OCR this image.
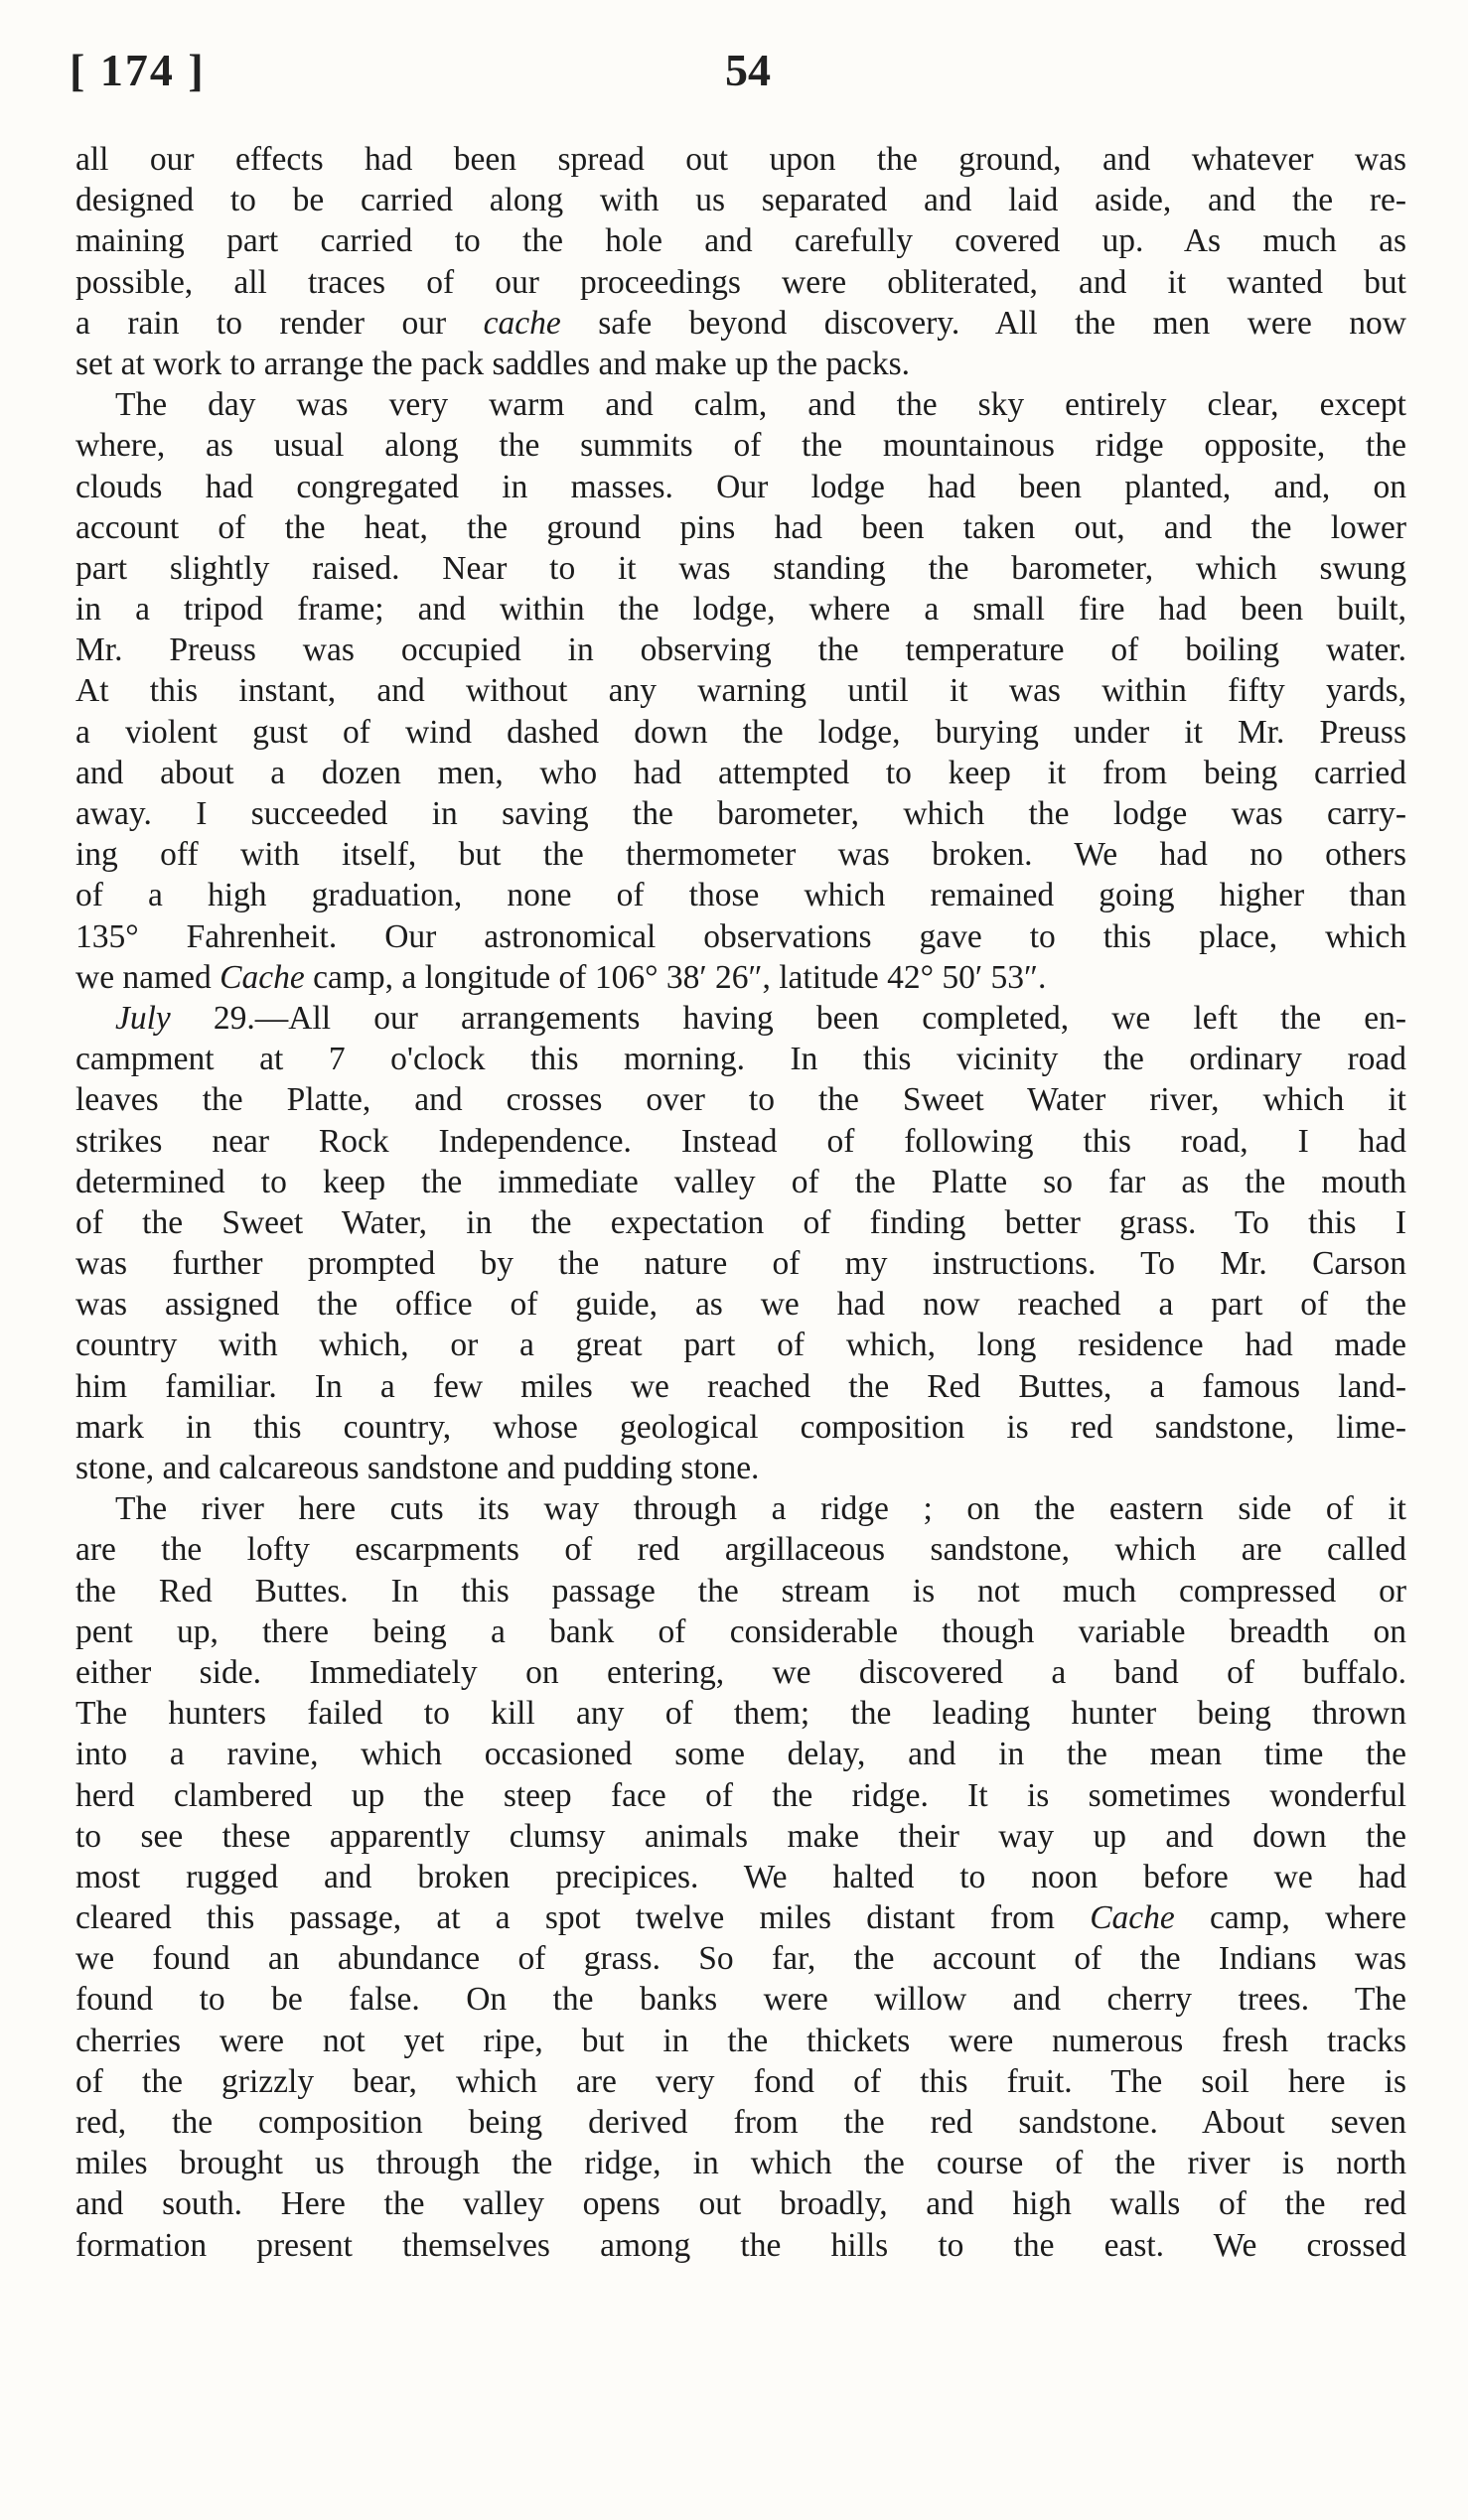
[ 174 ]	54
all our effects had been spread out upon the ground, and whatever was
designed to be carried along with us separated and laid aside, and the re-
maining part carried to the hole and carefully covered up. As much as
possible, all traces of our proceedings were obliterated, and it wanted but
a rain to render our cache safe beyond discovery. All the men were now
set at work to arrange the pack saddles and make up the packs.
The day was very warm and calm, and the sky entirely clear, except
where, as usual along the summits of the mountainous ridge opposite, the
clouds had congregated in masses. Our lodge had been planted, and, on
account of the heat, the ground pins had been taken out, and the lower
part slightly raised. Near to it was standing the barometer, which swung
in a tripod frame; and within the lodge, where a small fire had been built,
Mr. Preuss was occupied in observing the temperature of boiling water.
At this instant, and without any warning until it was within fifty yards,
a violent gust of wind dashed down the lodge, burying under it Mr. Preuss
and about a dozen men, who had attempted to keep it from being carried
away. I succeeded in saving the barometer, which the lodge was carry-
ing off with itself, but the thermometer was broken. We had no others
of a high graduation, none of those which remained going higher than
135° Fahrenheit. Our astronomical observations gave to this place, which
we named Cache camp, a longitude of 106° 38′ 26″, latitude 42° 50′ 53″.
July 29.—All our arrangements having been completed, we left the en-
campment at 7 o'clock this morning. In this vicinity the ordinary road
leaves the Platte, and crosses over to the Sweet Water river, which it
strikes near Rock Independence. Instead of following this road, I had
determined to keep the immediate valley of the Platte so far as the mouth
of the Sweet Water, in the expectation of finding better grass. To this I
was further prompted by the nature of my instructions. To Mr. Carson
was assigned the office of guide, as we had now reached a part of the
country with which, or a great part of which, long residence had made
him familiar. In a few miles we reached the Red Buttes, a famous land-
mark in this country, whose geological composition is red sandstone, lime-
stone, and calcareous sandstone and pudding stone.
The river here cuts its way through a ridge ; on the eastern side of it
are the lofty escarpments of red argillaceous sandstone, which are called
the Red Buttes. In this passage the stream is not much compressed or
pent up, there being a bank of considerable though variable breadth on
either side. Immediately on entering, we discovered a band of buffalo.
The hunters failed to kill any of them; the leading hunter being thrown
into a ravine, which occasioned some delay, and in the mean time the
herd clambered up the steep face of the ridge. It is sometimes wonderful
to see these apparently clumsy animals make their way up and down the
most rugged and broken precipices. We halted to noon before we had
cleared this passage, at a spot twelve miles distant from Cache camp, where
we found an abundance of grass. So far, the account of the Indians was
found to be false. On the banks were willow and cherry trees. The
cherries were not yet ripe, but in the thickets were numerous fresh tracks
of the grizzly bear, which are very fond of this fruit. The soil here is
red, the composition being derived from the red sandstone. About seven
miles brought us through the ridge, in which the course of the river is north
and south. Here the valley opens out broadly, and high walls of the red
formation present themselves among the hills to the east. We crossed
